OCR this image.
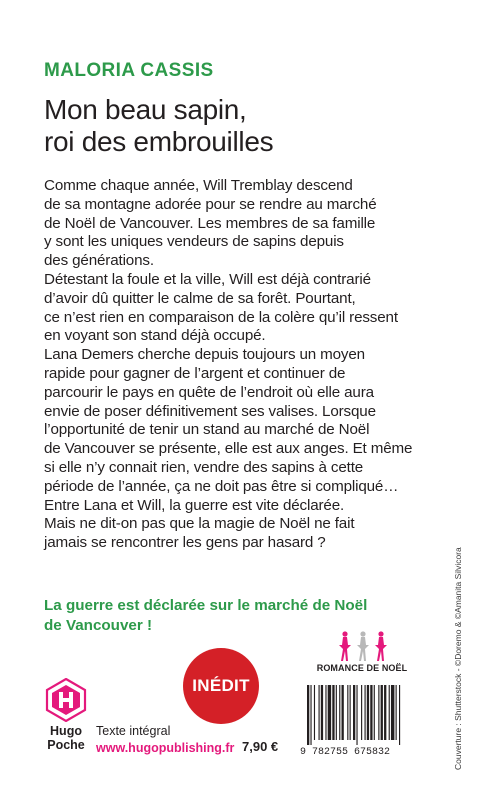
MALORIA CASSIS
Mon beau sapin,
roi des embrouilles
Comme chaque année, Will Tremblay descend
de sa montagne adorée pour se rendre au marché
de Noël de Vancouver. Les membres de sa famille
y sont les uniques vendeurs de sapins depuis
des générations.
Détestant la foule et la ville, Will est déjà contrarié
d’avoir dû quitter le calme de sa forêt. Pourtant,
ce n’est rien en comparaison de la colère qu’il ressent
en voyant son stand déjà occupé.
Lana Demers cherche depuis toujours un moyen
rapide pour gagner de l’argent et continuer de
parcourir le pays en quête de l’endroit où elle aura
envie de poser définitivement ses valises. Lorsque
l’opportunité de tenir un stand au marché de Noël
de Vancouver se présente, elle est aux anges. Et même
si elle n’y connait rien, vendre des sapins à cette
période de l’année, ça ne doit pas être si compliqué…
Entre Lana et Will, la guerre est vite déclarée.
Mais ne dit-on pas que la magie de Noël ne fait
jamais se rencontrer les gens par hasard ?
La guerre est déclarée sur le marché de Noël
de Vancouver !
INÉDIT
ROMANCE DE NOËL
Hugo
Poche
Texte intégral
www.hugopublishing.fr 7,90 € 9 782755 675832	Couverture : Shutterstock - ©Doremo & ©Amanita Silvicora
